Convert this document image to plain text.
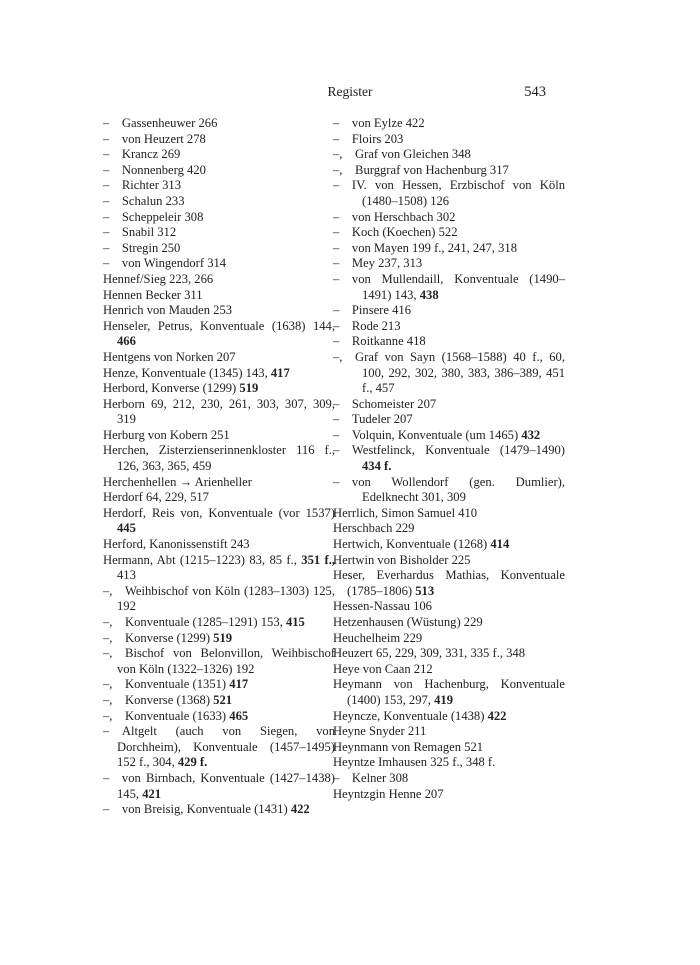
Register	543
– Gassenheuwer 266
– von Heuzert 278
– Krancz 269
– Nonnenberg 420
– Richter 313
– Schalun 233
– Scheppeleir 308
– Snabil 312
– Stregin 250
– von Wingendorf 314
Hennef/Sieg 223, 266
Hennen Becker 311
Henrich von Mauden 253
Henseler, Petrus, Konventuale (1638) 144, 466
Hentgens von Norken 207
Henze, Konventuale (1345) 143, 417
Herbord, Konverse (1299) 519
Herborn 69, 212, 230, 261, 303, 307, 309, 319
Herburg von Kobern 251
Herchen, Zisterzienserinnenkloster 116 f., 126, 363, 365, 459
Herchenhellen → Arienheller
Herdorf 64, 229, 517
Herdorf, Reis von, Konventuale (vor 1537) 445
Herford, Kanonissenstift 243
Hermann, Abt (1215–1223) 83, 85 f., 351 f., 413
–, Weihbischof von Köln (1283–1303) 125, 192
–, Konventuale (1285–1291) 153, 415
–, Konverse (1299) 519
–, Bischof von Belonvillon, Weihbischof von Köln (1322–1326) 192
–, Konventuale (1351) 417
–, Konverse (1368) 521
–, Konventuale (1633) 465
– Altgelt (auch von Siegen, von Dorchheim), Konventuale (1457–1495) 152 f., 304, 429 f.
– von Birnbach, Konventuale (1427–1438) 145, 421
– von Breisig, Konventuale (1431) 422
– von Eylze 422
– Floirs 203
–, Graf von Gleichen 348
–, Burggraf von Hachenburg 317
– IV. von Hessen, Erzbischof von Köln (1480–1508) 126
– von Herschbach 302
– Koch (Koechen) 522
– von Mayen 199 f., 241, 247, 318
– Mey 237, 313
– von Mullendaill, Konventuale (1490–1491) 143, 438
– Pinsere 416
– Rode 213
– Roitkanne 418
–, Graf von Sayn (1568–1588) 40 f., 60, 100, 292, 302, 380, 383, 386–389, 451 f., 457
– Schomeister 207
– Tudeler 207
– Volquin, Konventuale (um 1465) 432
– Westfelinck, Konventuale (1479–1490) 434 f.
– von Wollendorf (gen. Dumlier), Edelknecht 301, 309
Herrlich, Simon Samuel 410
Herschbach 229
Hertwich, Konventuale (1268) 414
Hertwin von Bisholder 225
Heser, Everhardus Mathias, Konventuale (1785–1806) 513
Hessen-Nassau 106
Hetzenhausen (Wüstung) 229
Heuchelheim 229
Heuzert 65, 229, 309, 331, 335 f., 348
Heye von Caan 212
Heymann von Hachenburg, Konventuale (1400) 153, 297, 419
Heyncze, Konventuale (1438) 422
Heyne Snyder 211
Heynmann von Remagen 521
Heyntze Imhausen 325 f., 348 f.
– Kelner 308
Heyntzgin Henne 207
